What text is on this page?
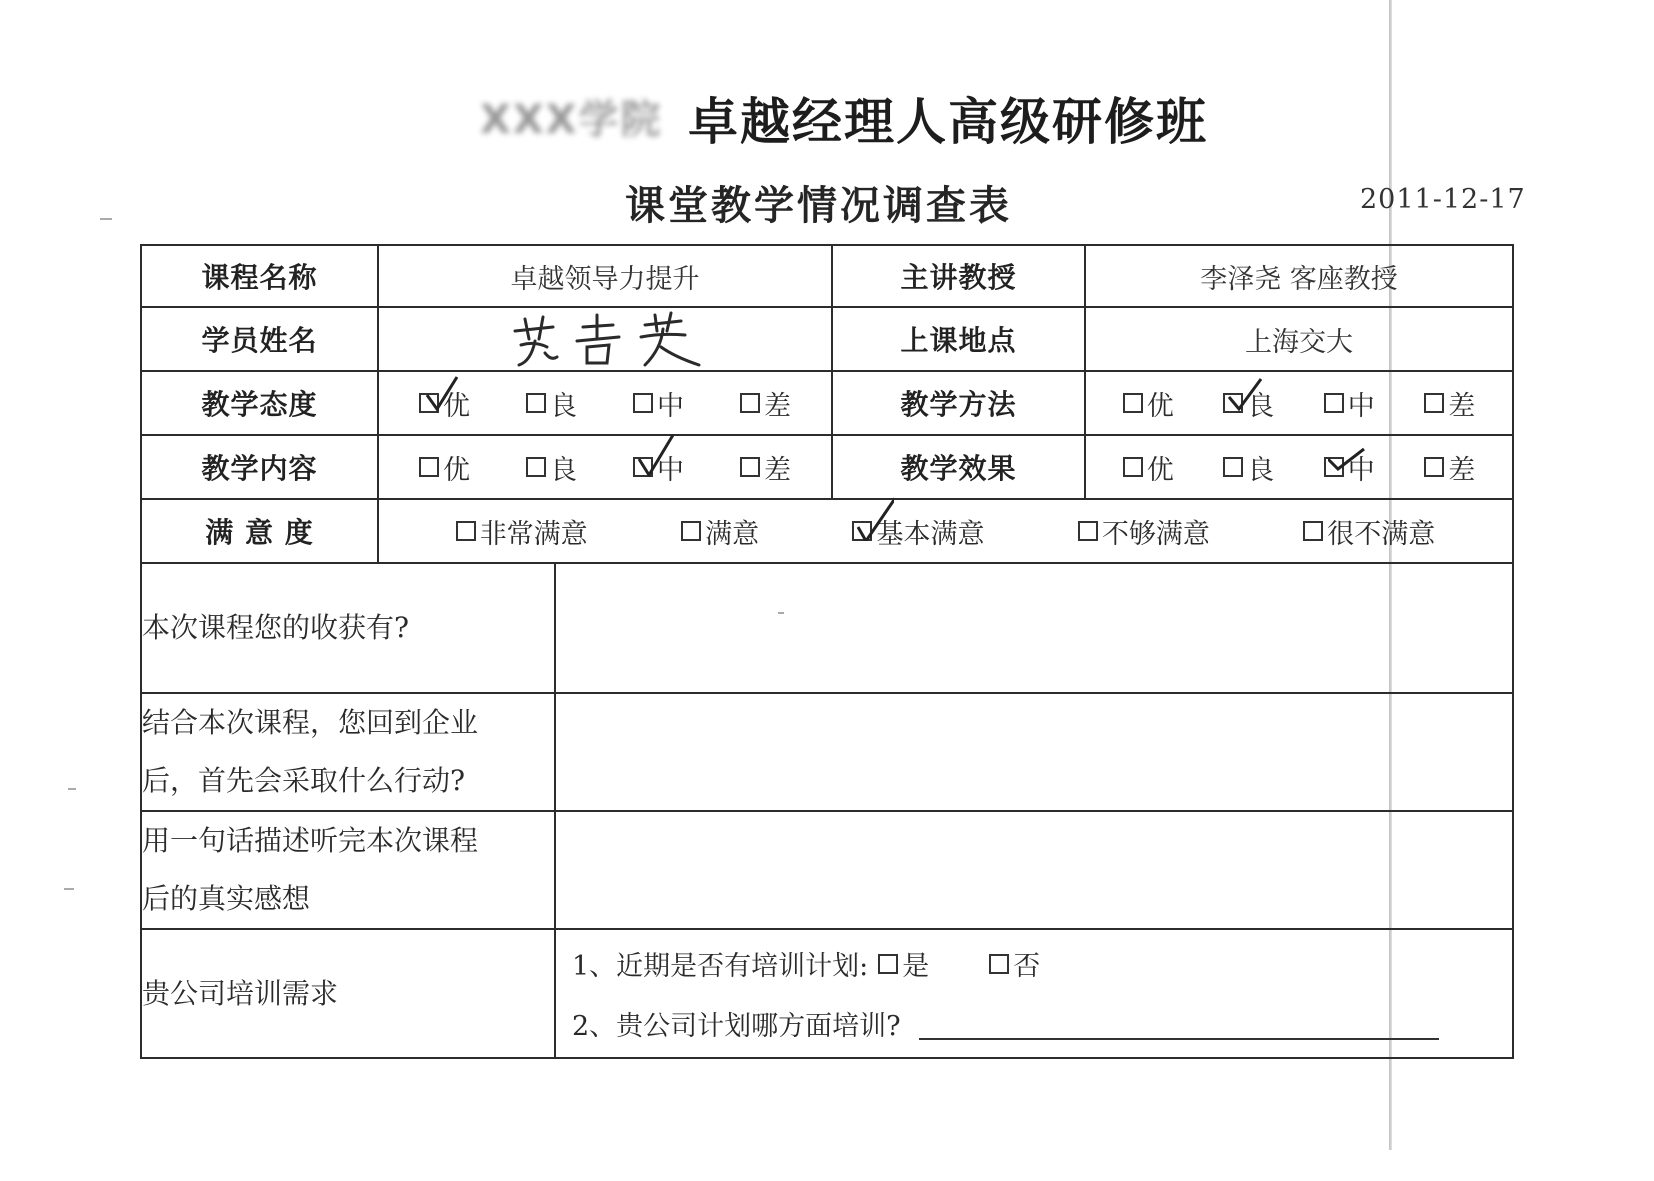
XXX学院 卓越经理人高级研修班
课堂教学情况调查表	2011-12-17
课程名称	卓越领导力提升		主讲教授	李泽尧 客座教授
学员姓名			上课地点	上海交大
教学态度	优 良 中 差		教学方法	优 良 中 差

教学内容	优 良 中 差		教学效果	优 良 中 差

满 意 度	非常满意 满意 基本满意 不够满意 很不满意			

本次课程您的收获有?				

结合本次课程，您回到企业
后，首先会采取什么行动?				

用一句话描述听完本次课程
后的真实感想				

贵公司培训需求		1、近期是否有培训计划: 是 否
2、贵公司计划哪方面培训?		
